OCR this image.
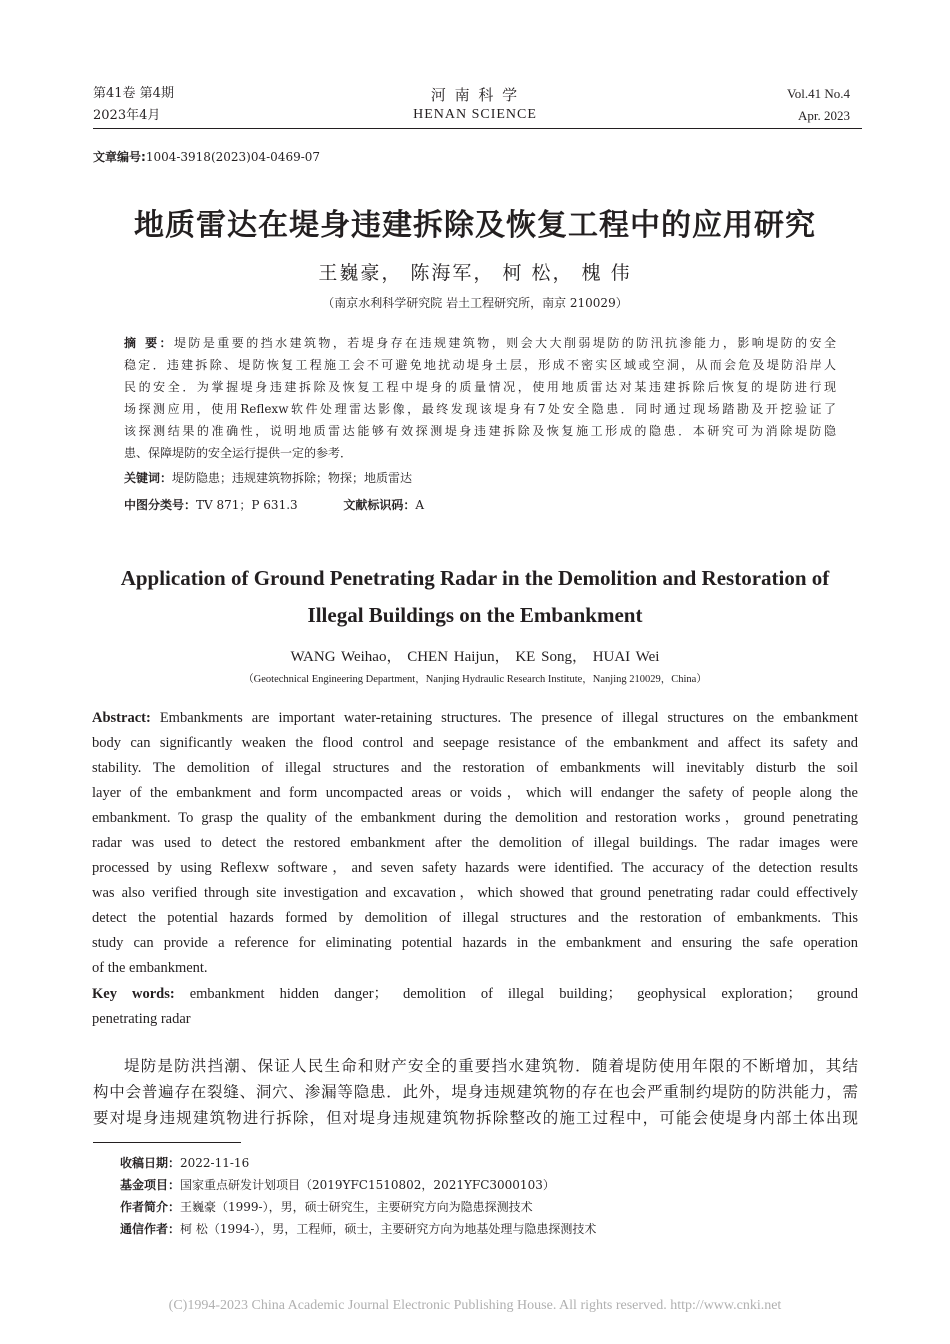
第41卷 第4期
2023年4月
河 南 科 学
HENAN SCIENCE
Vol.41 No.4
Apr. 2023
文章编号:1004-3918(2023)04-0469-07
地质雷达在堤身违建拆除及恢复工程中的应用研究
王巍豪， 陈海军， 柯 松， 槐 伟
（南京水利科学研究院 岩土工程研究所，南京 210029）
摘 要：堤防是重要的挡水建筑物，若堤身存在违规建筑物，则会大大削弱堤防的防汛抗渗能力，影响堤防的安全
稳定．违建拆除、堤防恢复工程施工会不可避免地扰动堤身土层，形成不密实区域或空洞，从而会危及堤防沿岸人
民的安全．为掌握堤身违建拆除及恢复工程中堤身的质量情况，使用地质雷达对某违建拆除后恢复的堤防进行现
场探测应用，使用Reflexw软件处理雷达影像，最终发现该堤身有7处安全隐患．同时通过现场踏勘及开挖验证了
该探测结果的准确性，说明地质雷达能够有效探测堤身违建拆除及恢复施工形成的隐患．本研究可为消除堤防隐
患、保障堤防的安全运行提供一定的参考．
关键词：堤防隐患；违规建筑物拆除；物探；地质雷达
中图分类号：TV 871；P 631.3	文献标识码：A
Application of Ground Penetrating Radar in the Demolition and Restoration of
Illegal Buildings on the Embankment
WANG Weihao， CHEN Haijun， KE Song， HUAI Wei
（Geotechnical Engineering Department，Nanjing Hydraulic Research Institute，Nanjing 210029，China）
Abstract: Embankments are important water-retaining structures. The presence of illegal structures on the embankment
body can significantly weaken the flood control and seepage resistance of the embankment and affect its safety and
stability. The demolition of illegal structures and the restoration of embankments will inevitably disturb the soil
layer of the embankment and form uncompacted areas or voids，which will endanger the safety of people along the
embankment. To grasp the quality of the embankment during the demolition and restoration works，ground penetrating
radar was used to detect the restored embankment after the demolition of illegal buildings. The radar images were
processed by using Reflexw software，and seven safety hazards were identified. The accuracy of the detection results
was also verified through site investigation and excavation，which showed that ground penetrating radar could effectively
detect the potential hazards formed by demolition of illegal structures and the restoration of embankments. This
study can provide a reference for eliminating potential hazards in the embankment and ensuring the safe operation
of the embankment.
Key words: embankment hidden danger； demolition of illegal building； geophysical exploration； ground
penetrating radar
堤防是防洪挡潮、保证人民生命和财产安全的重要挡水建筑物．随着堤防使用年限的不断增加，其结
构中会普遍存在裂缝、洞穴、渗漏等隐患．此外，堤身违规建筑物的存在也会严重制约堤防的防洪能力，需
要对堤身违规建筑物进行拆除，但对堤身违规建筑物拆除整改的施工过程中，可能会使堤身内部土体出现
收稿日期：2022-11-16
基金项目：国家重点研发计划项目（2019YFC1510802，2021YFC3000103）
作者简介：王巍豪（1999-），男，硕士研究生，主要研究方向为隐患探测技术
通信作者：柯 松（1994-），男，工程师，硕士，主要研究方向为地基处理与隐患探测技术
(C)1994-2023 China Academic Journal Electronic Publishing House. All rights reserved. http://www.cnki.net
